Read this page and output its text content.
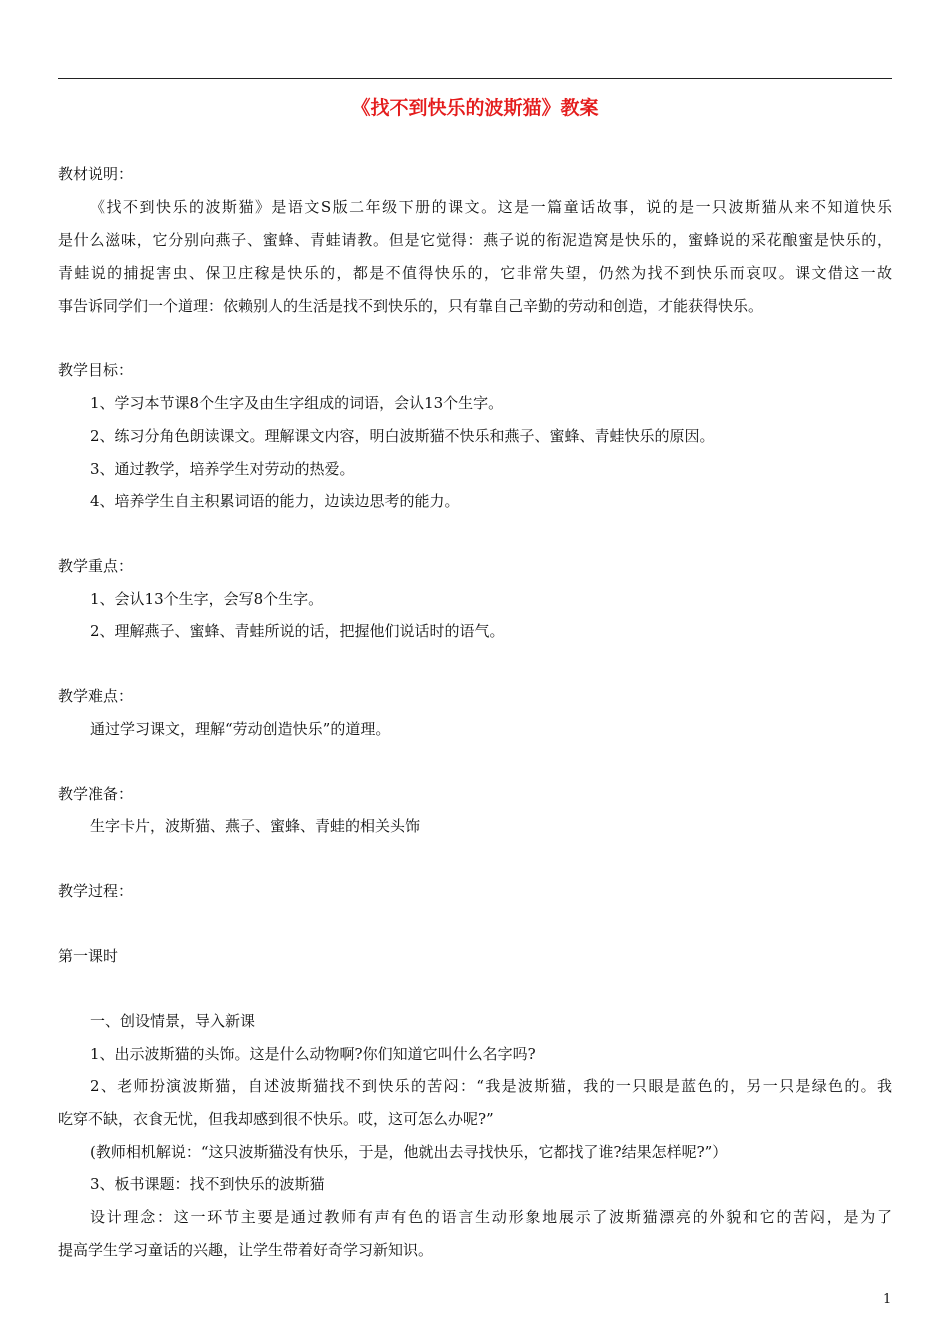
《找不到快乐的波斯猫》教案

教材说明：

《找不到快乐的波斯猫》是语文S版二年级下册的课文。这是一篇童话故事，说的是一只波斯猫从来不知道快乐

是什么滋味，它分别向燕子、蜜蜂、青蛙请教。但是它觉得：燕子说的衔泥造窝是快乐的，蜜蜂说的采花酿蜜是快乐的，

青蛙说的捕捉害虫、保卫庄稼是快乐的，都是不值得快乐的，它非常失望，仍然为找不到快乐而哀叹。课文借这一故

事告诉同学们一个道理：依赖别人的生活是找不到快乐的，只有靠自己辛勤的劳动和创造，才能获得快乐。

教学目标：

1、学习本节课8个生字及由生字组成的词语，会认13个生字。

2、练习分角色朗读课文。理解课文内容，明白波斯猫不快乐和燕子、蜜蜂、青蛙快乐的原因。

3、通过教学，培养学生对劳动的热爱。

4、培养学生自主积累词语的能力，边读边思考的能力。

教学重点：

1、会认13个生字，会写8个生字。

2、理解燕子、蜜蜂、青蛙所说的话，把握他们说话时的语气。

教学难点：

通过学习课文，理解“劳动创造快乐”的道理。

教学准备：

生字卡片，波斯猫、燕子、蜜蜂、青蛙的相关头饰

教学过程：

第一课时

一、创设情景，导入新课

1、出示波斯猫的头饰。这是什么动物啊?你们知道它叫什么名字吗?

2、老师扮演波斯猫，自述波斯猫找不到快乐的苦闷：“我是波斯猫，我的一只眼是蓝色的，另一只是绿色的。我

吃穿不缺，衣食无忧，但我却感到很不快乐。哎，这可怎么办呢?”

(教师相机解说：“这只波斯猫没有快乐，于是，他就出去寻找快乐，它都找了谁?结果怎样呢?”）

3、板书课题：找不到快乐的波斯猫

设计理念：这一环节主要是通过教师有声有色的语言生动形象地展示了波斯猫漂亮的外貌和它的苦闷，是为了

提高学生学习童话的兴趣，让学生带着好奇学习新知识。

1
